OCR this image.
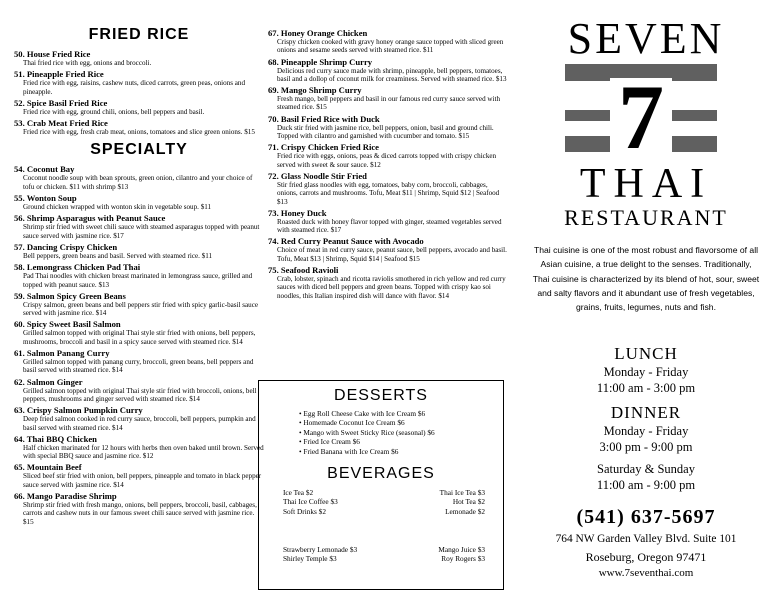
FRIED RICE
50. House Fried Rice
Thai fried rice with egg, onions and broccoli.
51. Pineapple Fried Rice
Fried rice with egg, raisins, cashew nuts, diced carrots, green peas, onions and pineapple.
52. Spice Basil Fried Rice
Fried rice with egg, ground chili, onions, bell peppers and basil.
53. Crab Meat Fried Rice
Fried rice with egg, fresh crab meat, onions, tomatoes and slice green onions. $15
SPECIALTY
54. Coconut Bay
Coconut noodle soup with bean sprouts, green onion, cilantro and your choice of tofu or chicken. $11 with shrimp $13
55. Wonton Soup
Ground chicken wrapped with wonton skin in vegetable soup. $11
56. Shrimp Asparagus with Peanut Sauce
Shrimp stir fried with sweet chili sauce with steamed asparagus topped with peanut sauce served with jasmine rice. $17
57. Dancing Crispy Chicken
Bell peppers, green beans and basil. Served with steamed rice. $11
58. Lemongrass Chicken Pad Thai
Pad Thai noodles with chicken breast marinated in lemongrass sauce, grilled and topped with peanut sauce. $13
59. Salmon Spicy Green Beans
Crispy salmon, green beans and bell peppers stir fried with spicy garlic-basil sauce served with jasmine rice. $14
60. Spicy Sweet Basil Salmon
Grilled salmon topped with original Thai style stir fried with onions, bell peppers, mushrooms, broccoli and basil in a spicy sauce served with steamed rice. $14
61. Salmon Panang Curry
Grilled salmon topped with panang curry, broccoli, green beans, bell peppers and basil served with steamed rice. $14
62. Salmon Ginger
Grilled salmon topped with original Thai style stir fried with broccoli, onions, bell peppers, mushrooms and ginger served with steamed rice. $14
63. Crispy Salmon Pumpkin Curry
Deep fried salmon cooked in red curry sauce, broccoli, bell peppers, pumpkin and basil served with steamed rice. $14
64. Thai BBQ Chicken
Half chicken marinated for 12 hours with herbs then oven baked until brown. Served with special BBQ sauce and jasmine rice. $12
65. Mountain Beef
Sliced beef stir fried with onion, bell peppers, pineapple and tomato in black pepper sauce served with jasmine rice. $14
66. Mango Paradise Shrimp
Shrimp stir fried with fresh mango, onions, bell peppers, broccoli, basil, cabbages, carrots and cashew nuts in our famous sweet chili sauce served with jasmine rice. $15
67. Honey Orange Chicken
Crispy chicken cooked with gravy honey orange sauce topped with sliced green onions and sesame seeds served with steamed rice. $11
68. Pineapple Shrimp Curry
Delicious red curry sauce made with shrimp, pineapple, bell peppers, tomatoes, basil and a dollop of coconut milk for creaminess. Served with steamed rice. $13
69. Mango Shrimp Curry
Fresh mango, bell peppers and basil in our famous red curry sauce served with steamed rice. $15
70. Basil Fried Rice with Duck
Duck stir fried with jasmine rice, bell peppers, onion, basil and ground chili. Topped with cilantro and garnished with cucumber and tomato. $15
71. Crispy Chicken Fried Rice
Fried rice with eggs, onions, peas & diced carrots topped with crispy chicken served with sweet & sour sauce. $12
72. Glass Noodle Stir Fried
Stir fried glass noodles with egg, tomatoes, baby corn, broccoli, cabbages, onions, carrots and mushrooms. Tofu, Meat $11 | Shrimp, Squid $12 | Seafood $13
73. Honey Duck
Roasted duck with honey flavor topped with ginger, steamed vegetables served with steamed rice. $17
74. Red Curry Peanut Sauce with Avocado
Choice of meat in red curry sauce, peanut sauce, bell peppers, avocado and basil. Tofu, Meat $13 | Shrimp, Squid $14 | Seafood $15
75. Seafood Ravioli
Crab, lobster, spinach and ricotta raviolis smothered in rich yellow and red curry sauces with diced bell peppers and green beans. Topped with crispy kao soi noodles, this Italian inspired dish will dance with flavor. $14
DESSERTS
• Egg Roll Cheese Cake with Ice Cream $6
• Homemade Coconut Ice Cream $6
• Mango with Sweet Sticky Rice (seasonal) $6
• Fried Ice Cream $6
• Fried Banana with Ice Cream $6
BEVERAGES
Ice Tea $2
Thai Ice Coffee $3
Soft Drinks $2
Thai Ice Tea $3
Hot Tea $2
Lemonade $2
Strawberry Lemonade $3
Shirley Temple $3
Mango Juice $3
Roy Rogers $3
SEVEN
7
THAI
RESTAURANT
Thai cuisine is one of the most robust and flavorsome of all Asian cuisine, a true delight to the senses. Traditionally, Thai cuisine is characterized by its blend of hot, sour, sweet and salty flavors and it abundant use of fresh vegetables, grains, fruits, legumes, nuts and fish.
LUNCH
Monday - Friday
11:00 am - 3:00 pm
DINNER
Monday - Friday
3:00 pm - 9:00 pm
Saturday & Sunday
11:00 am - 9:00 pm
(541) 637-5697
764 NW Garden Valley Blvd. Suite 101
Roseburg, Oregon 97471
www.7seventhai.com
